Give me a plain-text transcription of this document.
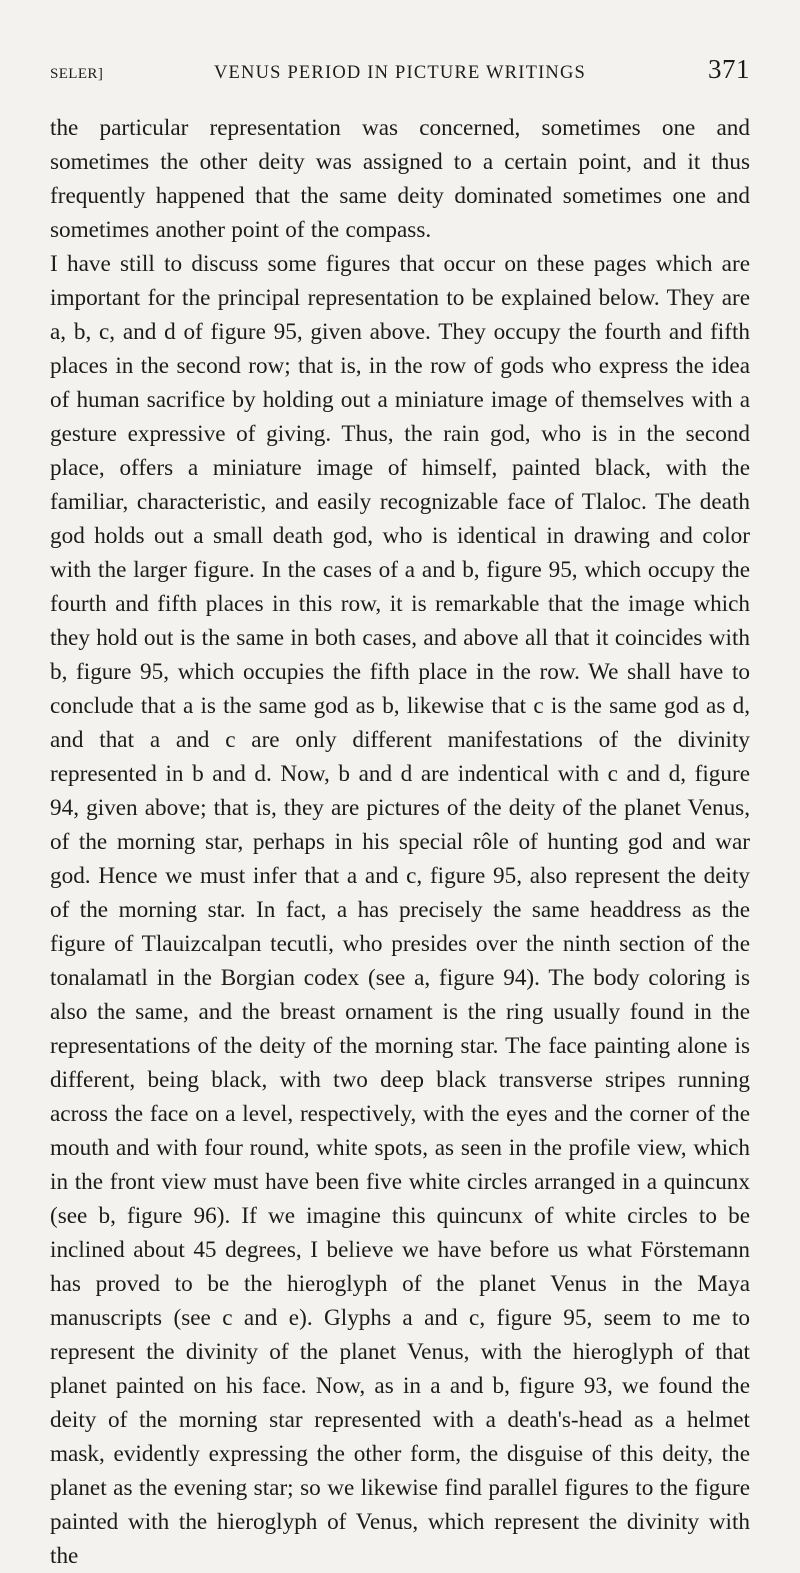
SELER]	VENUS PERIOD IN PICTURE WRITINGS	371

the particular representation was concerned, sometimes one and sometimes the other deity was assigned to a certain point, and it thus frequently happened that the same deity dominated sometimes one and sometimes another point of the compass.

I have still to discuss some figures that occur on these pages which are important for the principal representation to be explained below. They are a, b, c, and d of figure 95, given above. They occupy the fourth and fifth places in the second row; that is, in the row of gods who express the idea of human sacrifice by holding out a miniature image of themselves with a gesture expressive of giving. Thus, the rain god, who is in the second place, offers a miniature image of himself, painted black, with the familiar, characteristic, and easily recognizable face of Tlaloc. The death god holds out a small death god, who is identical in drawing and color with the larger figure. In the cases of a and b, figure 95, which occupy the fourth and fifth places in this row, it is remarkable that the image which they hold out is the same in both cases, and above all that it coincides with b, figure 95, which occupies the fifth place in the row. We shall have to conclude that a is the same god as b, likewise that c is the same god as d, and that a and c are only different manifestations of the divinity represented in b and d. Now, b and d are indentical with c and d, figure 94, given above; that is, they are pictures of the deity of the planet Venus, of the morning star, perhaps in his special rôle of hunting god and war god. Hence we must infer that a and c, figure 95, also represent the deity of the morning star. In fact, a has precisely the same headdress as the figure of Tlauizcalpan tecutli, who presides over the ninth section of the tonalamatl in the Borgian codex (see a, figure 94). The body coloring is also the same, and the breast ornament is the ring usually found in the representations of the deity of the morning star. The face painting alone is different, being black, with two deep black transverse stripes running across the face on a level, respectively, with the eyes and the corner of the mouth and with four round, white spots, as seen in the profile view, which in the front view must have been five white circles arranged in a quincunx (see b, figure 96). If we imagine this quincunx of white circles to be inclined about 45 degrees, I believe we have before us what Förstemann has proved to be the hieroglyph of the planet Venus in the Maya manuscripts (see c and e). Glyphs a and c, figure 95, seem to me to represent the divinity of the planet Venus, with the hieroglyph of that planet painted on his face. Now, as in a and b, figure 93, we found the deity of the morning star represented with a death's-head as a helmet mask, evidently expressing the other form, the disguise of this deity, the planet as the evening star; so we likewise find parallel figures to the figure painted with the hieroglyph of Venus, which represent the divinity with the
